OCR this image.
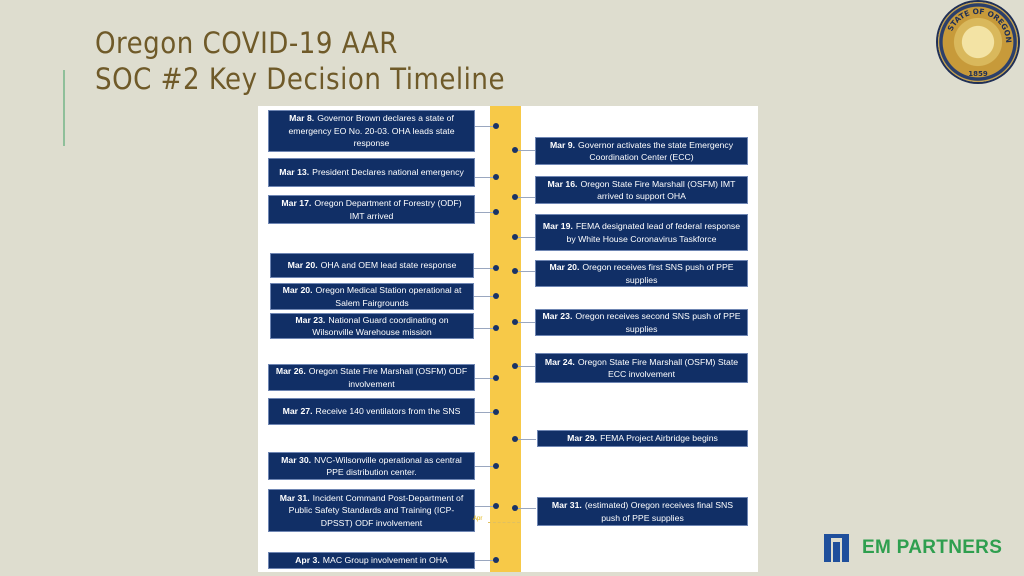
Oregon COVID-19 AAR
SOC #2 Key Decision Timeline
STATE OF OREGON
1859
Mar 8. Governor Brown declares a state of emergency EO No. 20-03. OHA leads state response
Mar 13. President Declares national emergency
Mar 17. Oregon Department of Forestry (ODF) IMT arrived
Mar 20. OHA and OEM lead state response
Mar 20. Oregon Medical Station operational at Salem Fairgrounds
Mar 23. National Guard coordinating on Wilsonville Warehouse mission
Mar 26. Oregon State Fire Marshall (OSFM) ODF involvement
Mar 27. Receive 140 ventilators from the SNS
Mar 30. NVC-Wilsonville operational as central PPE distribution center.
Mar 31. Incident Command Post-Department of Public Safety Standards and Training (ICP-DPSST) ODF involvement
Apr 3. MAC Group involvement in OHA
Mar 9. Governor activates the state Emergency Coordination Center (ECC)
Mar 16. Oregon State Fire Marshall (OSFM) IMT arrived to support OHA
Mar 19. FEMA designated lead of federal response by White House Coronavirus Taskforce
Mar 20. Oregon receives first SNS push of PPE supplies
Mar 23. Oregon receives second SNS push of PPE supplies
Mar 24. Oregon State Fire Marshall (OSFM) State ECC involvement
Mar 29. FEMA Project Airbridge begins
Mar 31. (estimated) Oregon receives final SNS push of PPE supplies
Apr
EM PARTNERS
